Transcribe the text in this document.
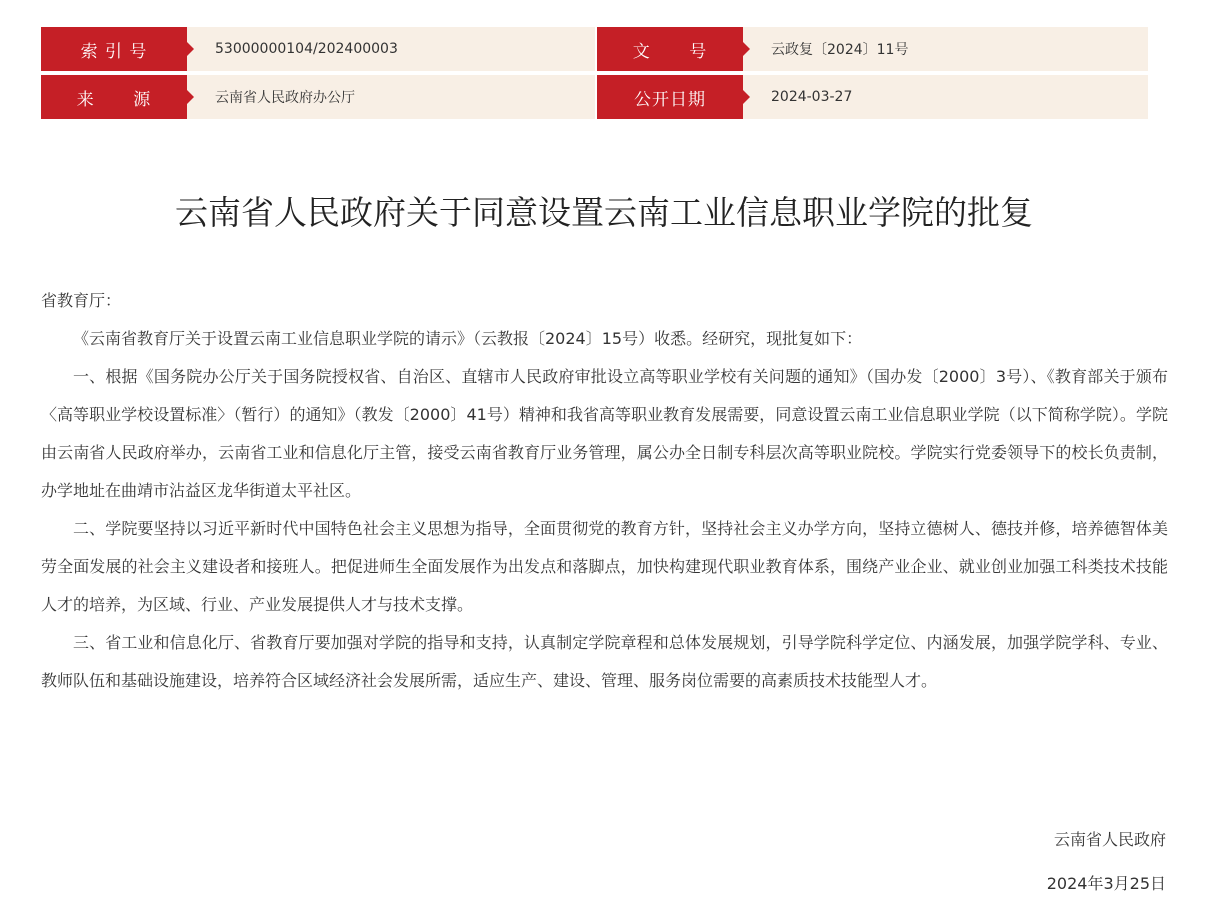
索 引 号	53000000104/202400003	文      号	云政复〔2024〕11号
来      源	云南省人民政府办公厅	公开日期	2024-03-27
云南省人民政府关于同意设置云南工业信息职业学院的批复

省教育厅：

《云南省教育厅关于设置云南工业信息职业学院的请示》（云教报〔2024〕15号）收悉。经研究，现批复如下：

一、根据《国务院办公厅关于国务院授权省、自治区、直辖市人民政府审批设立高等职业学校有关问题的通知》（国办发〔2000〕3号）、《教育部关于颁布〈高等职业学校设置标准〉（暂行）的通知》（教发〔2000〕41号）精神和我省高等职业教育发展需要，同意设置云南工业信息职业学院（以下简称学院）。学院由云南省人民政府举办，云南省工业和信息化厅主管，接受云南省教育厅业务管理，属公办全日制专科层次高等职业院校。学院实行党委领导下的校长负责制，办学地址在曲靖市沾益区龙华街道太平社区。

二、学院要坚持以习近平新时代中国特色社会主义思想为指导，全面贯彻党的教育方针，坚持社会主义办学方向，坚持立德树人、德技并修，培养德智体美劳全面发展的社会主义建设者和接班人。把促进师生全面发展作为出发点和落脚点，加快构建现代职业教育体系，围绕产业企业、就业创业加强工科类技术技能人才的培养，为区域、行业、产业发展提供人才与技术支撑。

三、省工业和信息化厅、省教育厅要加强对学院的指导和支持，认真制定学院章程和总体发展规划，引导学院科学定位、内涵发展，加强学院学科、专业、教师队伍和基础设施建设，培养符合区域经济社会发展所需，适应生产、建设、管理、服务岗位需要的高素质技术技能型人才。

云南省人民政府
2024年3月25日
